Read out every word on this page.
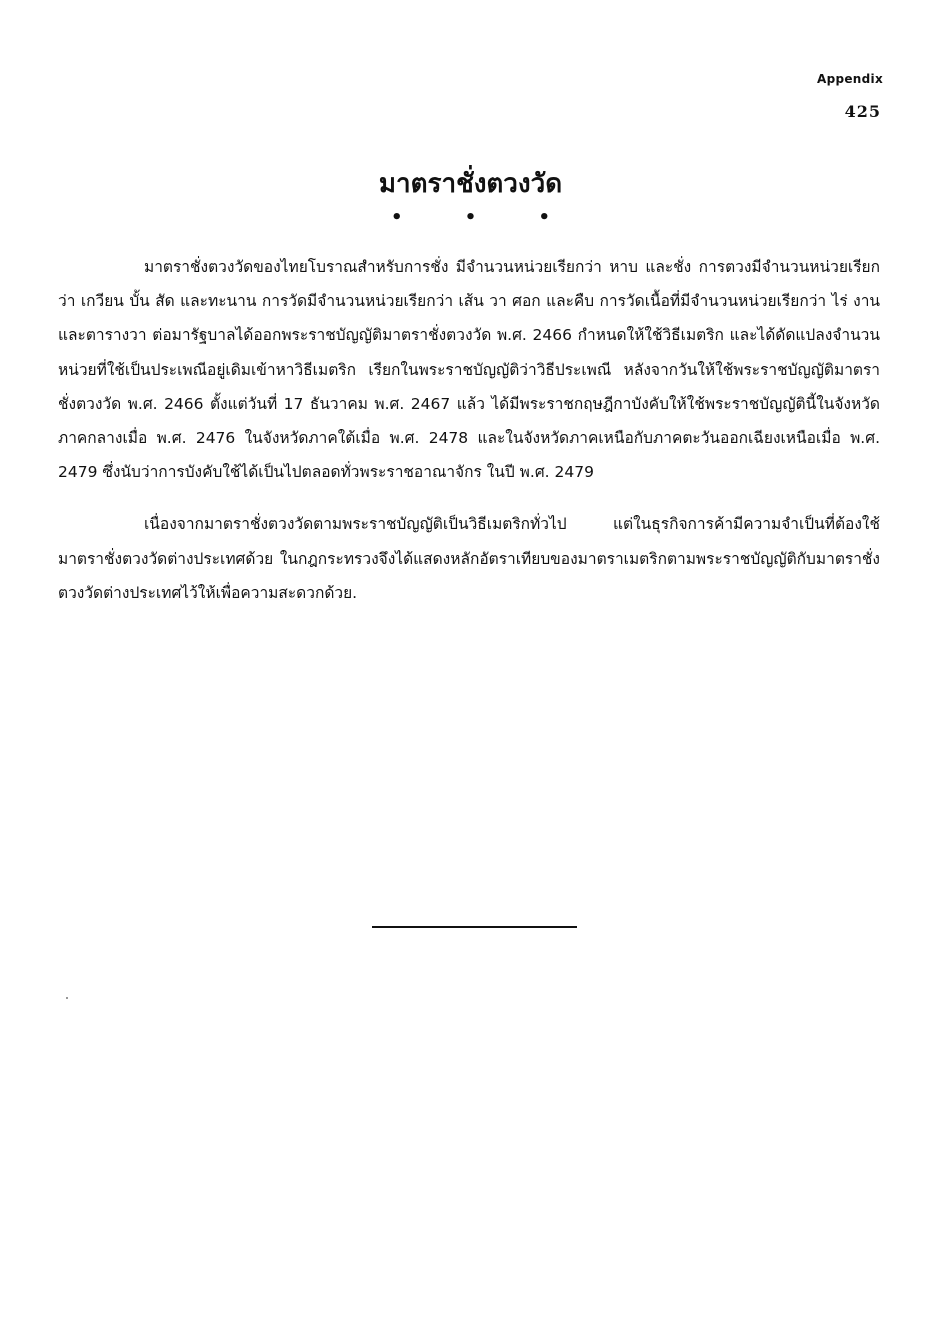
Appendix
425
มาตราชั่งตวงวัด
• • •

มาตราชั่งตวงวัดของไทยโบราณสำหรับการชั่ง มีจำนวนหน่วยเรียกว่า หาบ และชั่ง การตวงมีจำนวนหน่วยเรียกว่า เกวียน บั้น สัด และทะนาน การวัดมีจำนวนหน่วยเรียกว่า เส้น วา ศอก และคืบ การวัดเนื้อที่มีจำนวนหน่วยเรียกว่า ไร่ งาน และตารางวา ต่อมารัฐบาลได้ออกพระราชบัญญัติมาตราชั่งตวงวัด พ.ศ. 2466 กำหนดให้ใช้วิธีเมตริก และได้ดัดแปลงจำนวนหน่วยที่ใช้เป็นประเพณีอยู่เดิมเข้าหาวิธีเมตริก เรียกในพระราชบัญญัติว่าวิธีประเพณี หลังจากวันให้ใช้พระราชบัญญัติมาตราชั่งตวงวัด พ.ศ. 2466 ตั้งแต่วันที่ 17 ธันวาคม พ.ศ. 2467 แล้ว ได้มีพระราชกฤษฎีกาบังคับให้ใช้พระราชบัญญัตินี้ในจังหวัดภาคกลางเมื่อ พ.ศ. 2476 ในจังหวัดภาคใต้เมื่อ พ.ศ. 2478 และในจังหวัดภาคเหนือกับภาคตะวันออกเฉียงเหนือเมื่อ พ.ศ. 2479 ซึ่งนับว่าการบังคับใช้ได้เป็นไปตลอดทั่วพระราชอาณาจักร ในปี พ.ศ. 2479

เนื่องจากมาตราชั่งตวงวัดตามพระราชบัญญัติเป็นวิธีเมตริกทั่วไป แต่ในธุรกิจการค้ามีความจำเป็นที่ต้องใช้มาตราชั่งตวงวัดต่างประเทศด้วย ในกฎกระทรวงจึงได้แสดงหลักอัตราเทียบของมาตราเมตริกตามพระราชบัญญัติกับมาตราชั่งตวงวัดต่างประเทศไว้ให้เพื่อความสะดวกด้วย.
